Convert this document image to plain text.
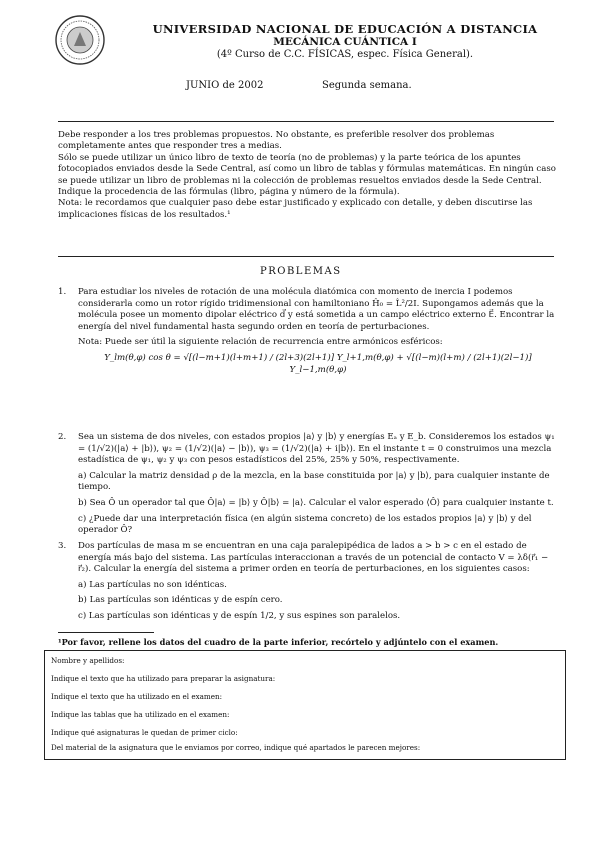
UNIVERSIDAD NACIONAL DE EDUCACIÓN A DISTANCIA
MECÁNICA CUÁNTICA I
(4º Curso de C.C. FÍSICAS, espec. Física General).
JUNIO de 2002	Segunda semana.

Debe responder a los tres problemas propuestos. No obstante, es preferible resolver dos problemas completamente antes que responder tres a medias.

Sólo se puede utilizar un único libro de texto de teoría (no de problemas) y la parte teórica de los apuntes fotocopiados enviados desde la Sede Central, así como un libro de tablas y fórmulas matemáticas. En ningún caso se puede utilizar un libro de problemas ni la colección de problemas resueltos enviados desde la Sede Central.

Indique la procedencia de las fórmulas (libro, página y número de la fórmula).

Nota: le recordamos que cualquier paso debe estar justificado y explicado con detalle, y deben discutirse las implicaciones físicas de los resultados.¹

PROBLEMAS
1. Para estudiar los niveles de rotación de una molécula diatómica con momento de inercia I podemos considerarla como un rotor rígido tridimensional con hamiltoniano Ĥ₀ = L̂²/2I. Supongamos además que la molécula posee un momento dipolar eléctrico d⃗ y está sometida a un campo eléctrico externo E⃗. Encontrar la energía del nivel fundamental hasta segundo orden en teoría de perturbaciones.

Nota: Puede ser útil la siguiente relación de recurrencia entre armónicos esféricos:

Y_lm(θ,φ) cos θ = √[(l−m+1)(l+m+1) / (2l+3)(2l+1)] Y_l+1,m(θ,φ) + √[(l−m)(l+m) / (2l+1)(2l−1)] Y_l−1,m(θ,φ)
2. Sea un sistema de dos niveles, con estados propios |a⟩ y |b⟩ y energías Eₐ y E_b. Consideremos los estados ψ₁ = (1/√2)(|a⟩ + |b⟩), ψ₂ = (1/√2)(|a⟩ − |b⟩), ψ₃ = (1/√2)(|a⟩ + i|b⟩). En el instante t = 0 construimos una mezcla estadística de ψ₁, ψ₂ y ψ₃ con pesos estadísticos del 25%, 25% y 50%, respectivamente.

a) Calcular la matriz densidad ρ de la mezcla, en la base constituida por |a⟩ y |b⟩, para cualquier instante de tiempo.

b) Sea Ô un operador tal que Ô|a⟩ = |b⟩ y Ô|b⟩ = |a⟩. Calcular el valor esperado ⟨Ô⟩ para cualquier instante t.

c) ¿Puede dar una interpretación física (en algún sistema concreto) de los estados propios |a⟩ y |b⟩ y del operador Ô?

3. Dos partículas de masa m se encuentran en una caja paralepipédica de lados a > b > c en el estado de energía más bajo del sistema. Las partículas interaccionan a través de un potencial de contacto V = λδ(r⃗₁ − r⃗₂). Calcular la energía del sistema a primer orden en teoría de perturbaciones, en los siguientes casos:

a) Las partículas no son idénticas.

b) Las partículas son idénticas y de espín cero.

c) Las partículas son idénticas y de espín 1/2, y sus espines son paralelos.

¹Por favor, rellene los datos del cuadro de la parte inferior, recórtelo y adjúntelo con el examen.
Nombre y apellidos:
Indique el texto que ha utilizado para preparar la asignatura:
Indique el texto que ha utilizado en el examen:
Indique las tablas que ha utilizado en el examen:
Indique qué asignaturas le quedan de primer ciclo:
Del material de la asignatura que le enviamos por correo, indique qué apartados le parecen mejores:
